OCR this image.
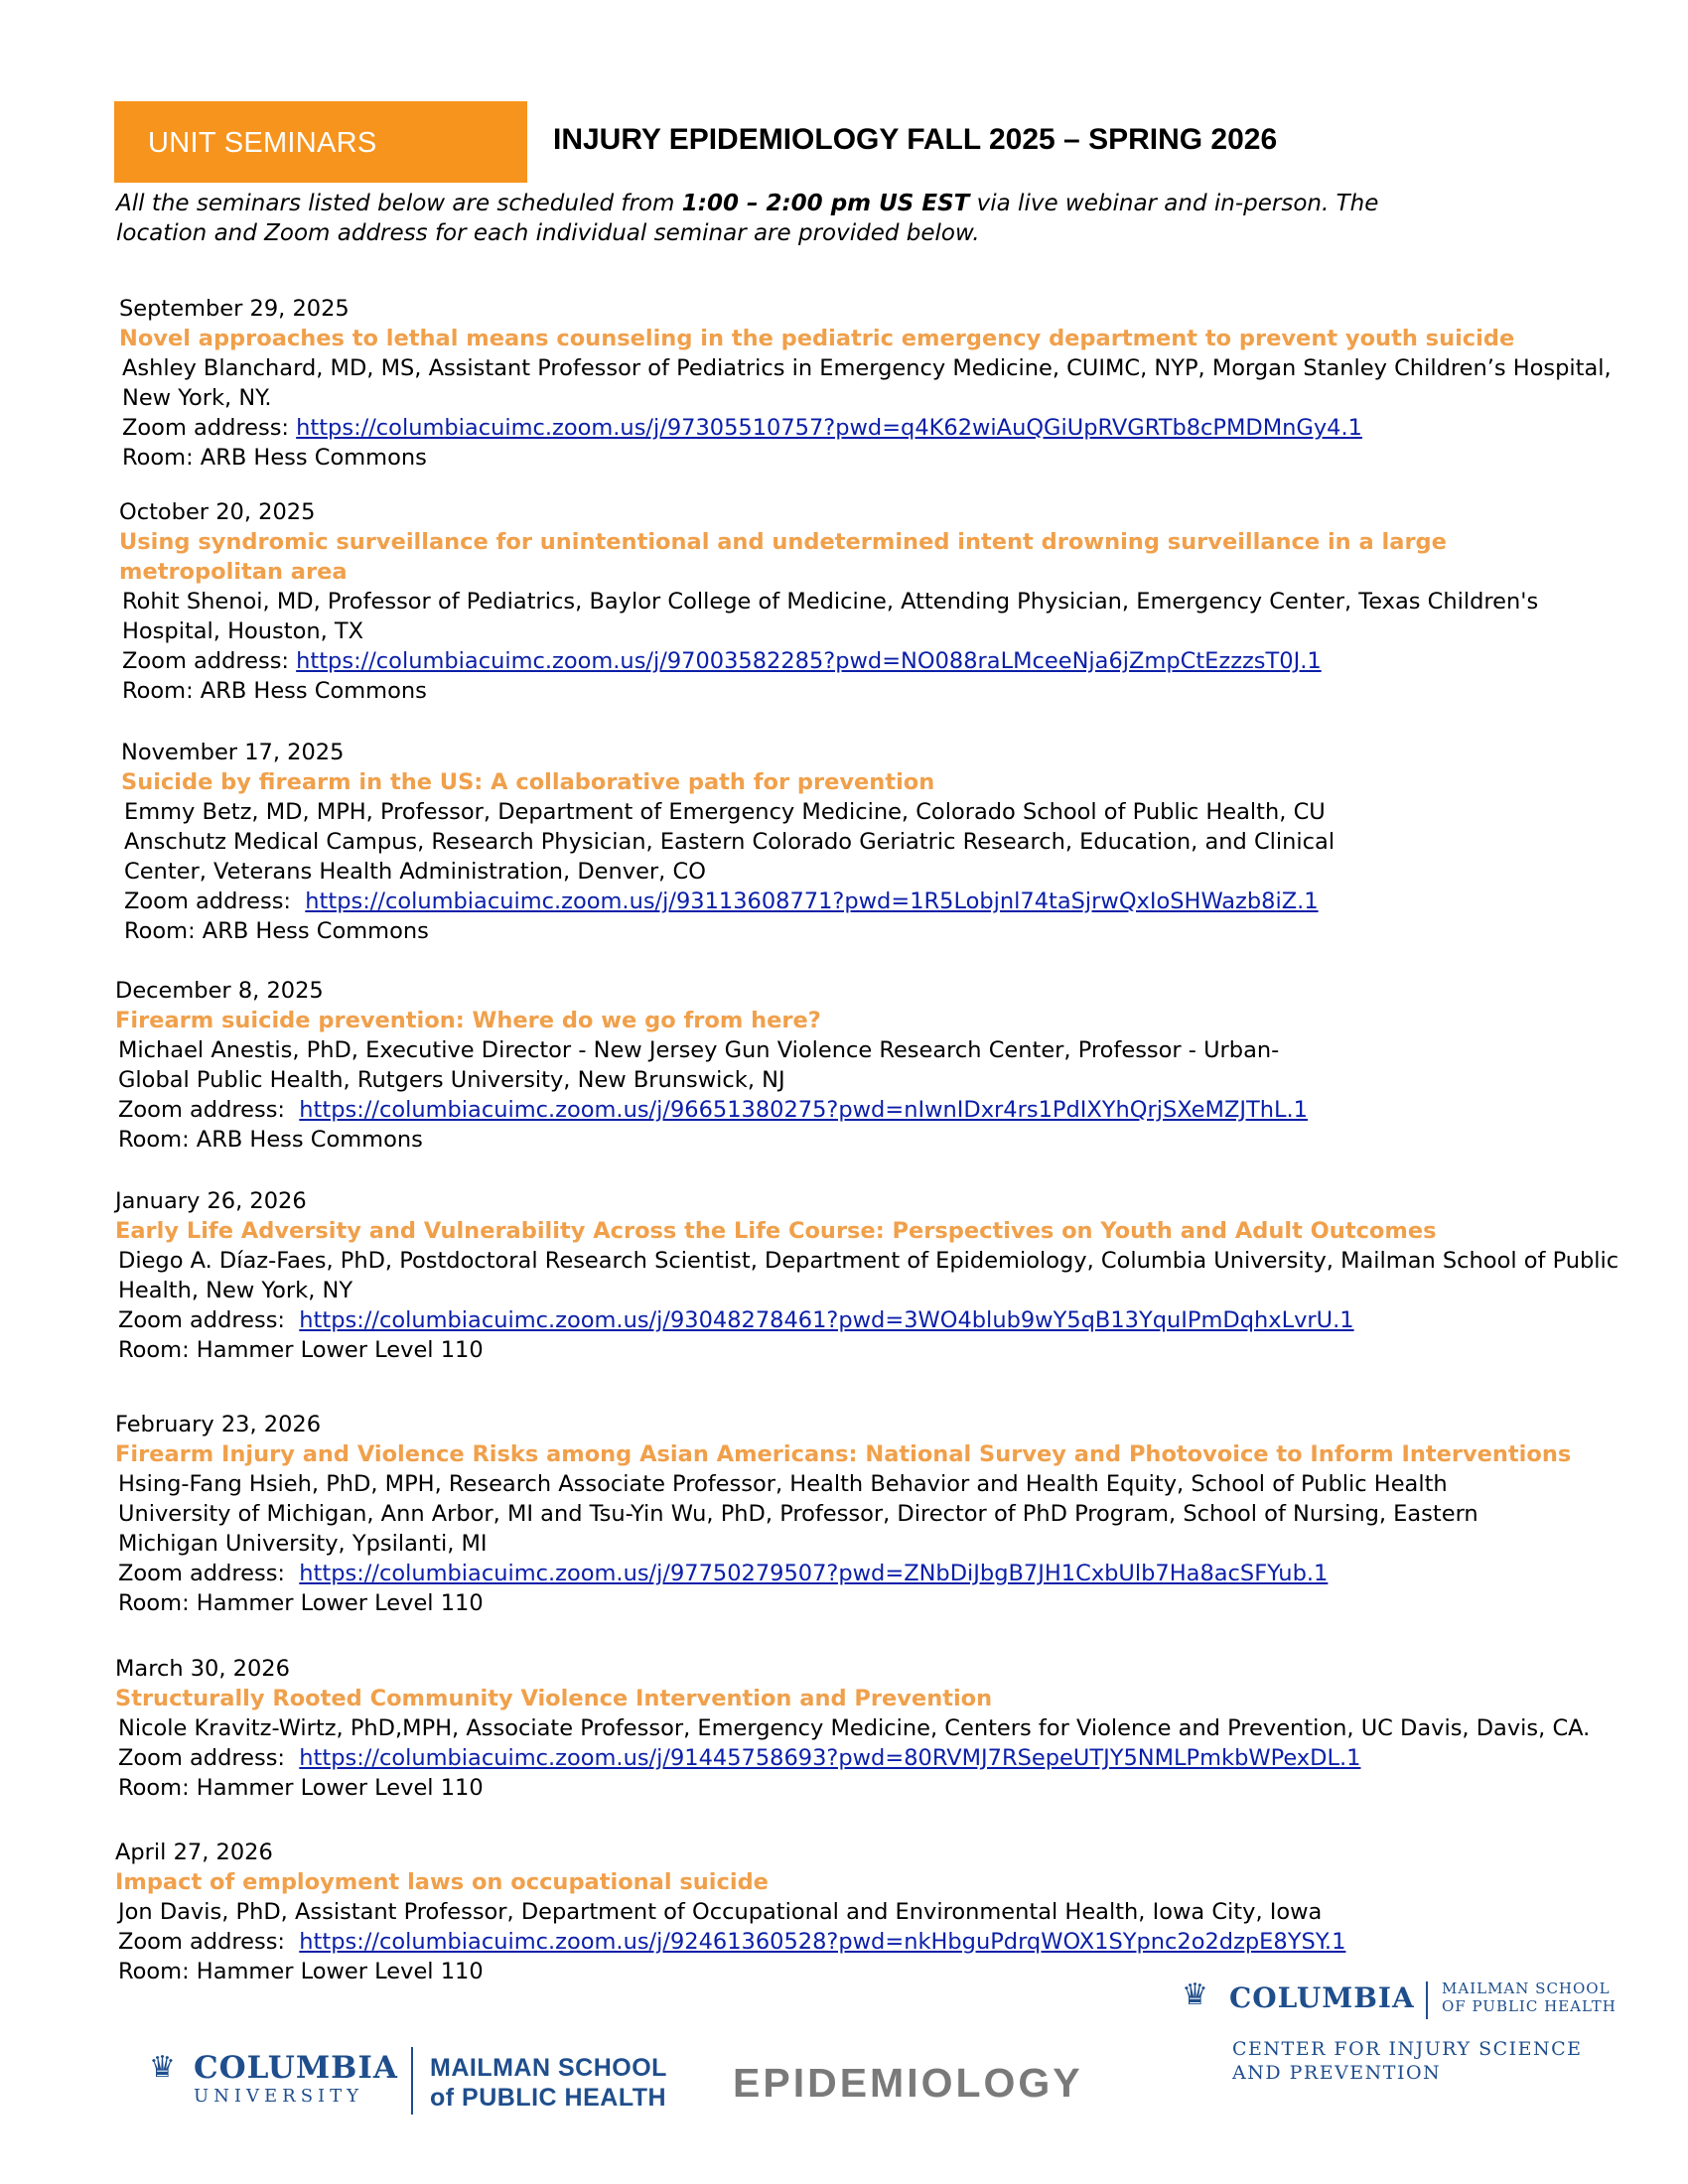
UNIT SEMINARS	INJURY EPIDEMIOLOGY FALL 2025 – SPRING 2026
All the seminars listed below are scheduled from 1:00 – 2:00 pm US EST via live webinar and in-person. The
location and Zoom address for each individual seminar are provided below.
September 29, 2025
Novel approaches to lethal means counseling in the pediatric emergency department to prevent youth suicide
Ashley Blanchard, MD, MS, Assistant Professor of Pediatrics in Emergency Medicine, CUIMC, NYP, Morgan Stanley Children’s Hospital,
New York, NY.
Zoom address: https://columbiacuimc.zoom.us/j/97305510757?pwd=q4K62wiAuQGiUpRVGRTb8cPMDMnGy4.1
Room: ARB Hess Commons
October 20, 2025
Using syndromic surveillance for unintentional and undetermined intent drowning surveillance in a large
metropolitan area
Rohit Shenoi, MD, Professor of Pediatrics, Baylor College of Medicine, Attending Physician, Emergency Center, Texas Children's
Hospital, Houston, TX
Zoom address: https://columbiacuimc.zoom.us/j/97003582285?pwd=NO088raLMceeNja6jZmpCtEzzzsT0J.1
Room: ARB Hess Commons
November 17, 2025
Suicide by firearm in the US: A collaborative path for prevention
Emmy Betz, MD, MPH, Professor, Department of Emergency Medicine, Colorado School of Public Health, CU
Anschutz Medical Campus, Research Physician, Eastern Colorado Geriatric Research, Education, and Clinical
Center, Veterans Health Administration, Denver, CO
Zoom address:  https://columbiacuimc.zoom.us/j/93113608771?pwd=1R5Lobjnl74taSjrwQxIoSHWazb8iZ.1
Room: ARB Hess Commons
December 8, 2025
Firearm suicide prevention: Where do we go from here?
Michael Anestis, PhD, Executive Director - New Jersey Gun Violence Research Center, Professor - Urban-
Global Public Health, Rutgers University, New Brunswick, NJ
Zoom address:  https://columbiacuimc.zoom.us/j/96651380275?pwd=nIwnIDxr4rs1PdIXYhQrjSXeMZJThL.1
Room: ARB Hess Commons
January 26, 2026
Early Life Adversity and Vulnerability Across the Life Course: Perspectives on Youth and Adult Outcomes
Diego A. Díaz-Faes, PhD, Postdoctoral Research Scientist, Department of Epidemiology, Columbia University, Mailman School of Public
Health, New York, NY
Zoom address:  https://columbiacuimc.zoom.us/j/93048278461?pwd=3WO4blub9wY5qB13YquIPmDqhxLvrU.1
Room: Hammer Lower Level 110
February 23, 2026
Firearm Injury and Violence Risks among Asian Americans: National Survey and Photovoice to Inform Interventions
Hsing-Fang Hsieh, PhD, MPH, Research Associate Professor, Health Behavior and Health Equity, School of Public Health
University of Michigan, Ann Arbor, MI and Tsu-Yin Wu, PhD, Professor, Director of PhD Program, School of Nursing, Eastern
Michigan University, Ypsilanti, MI
Zoom address:  https://columbiacuimc.zoom.us/j/97750279507?pwd=ZNbDiJbgB7JH1CxbUlb7Ha8acSFYub.1
Room: Hammer Lower Level 110
March 30, 2026
Structurally Rooted Community Violence Intervention and Prevention
Nicole Kravitz-Wirtz, PhD,MPH, Associate Professor, Emergency Medicine, Centers for Violence and Prevention, UC Davis, Davis, CA.
Zoom address:  https://columbiacuimc.zoom.us/j/91445758693?pwd=80RVMJ7RSepeUTJY5NMLPmkbWPexDL.1
Room: Hammer Lower Level 110
April 27, 2026
Impact of employment laws on occupational suicide
Jon Davis, PhD, Assistant Professor, Department of Occupational and Environmental Health, Iowa City, Iowa
Zoom address:  https://columbiacuimc.zoom.us/j/92461360528?pwd=nkHbguPdrqWOX1SYpnc2o2dzpE8YSY.1
Room: Hammer Lower Level 110
♛ COLUMBIA
UNIVERSITY
MAILMAN SCHOOL
of PUBLIC HEALTH EPIDEMIOLOGY
♛ COLUMBIA MAILMAN SCHOOL
OF PUBLIC HEALTH
CENTER FOR INJURY SCIENCE
AND PREVENTION
